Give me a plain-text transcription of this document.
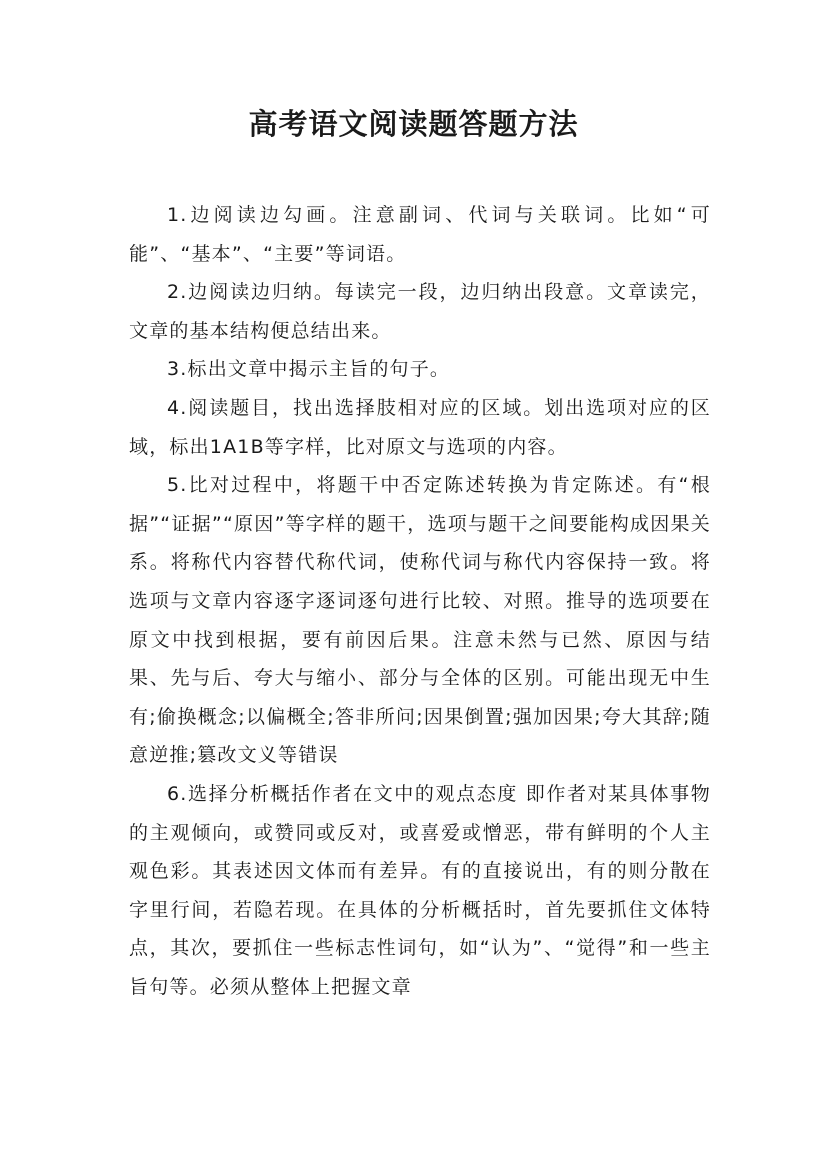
高考语文阅读题答题方法

1.边阅读边勾画。注意副词、代词与关联词。比如“可能”、“基本”、“主要”等词语。

2.边阅读边归纳。每读完一段，边归纳出段意。文章读完，文章的基本结构便总结出来。

3.标出文章中揭示主旨的句子。

4.阅读题目，找出选择肢相对应的区域。划出选项对应的区域，标出1A1B等字样，比对原文与选项的内容。

5.比对过程中，将题干中否定陈述转换为肯定陈述。有“根据”“证据”“原因”等字样的题干，选项与题干之间要能构成因果关系。将称代内容替代称代词，使称代词与称代内容保持一致。将选项与文章内容逐字逐词逐句进行比较、对照。推导的选项要在原文中找到根据，要有前因后果。注意未然与已然、原因与结果、先与后、夸大与缩小、部分与全体的区别。可能出现无中生有;偷换概念;以偏概全;答非所问;因果倒置;强加因果;夸大其辞;随意逆推;篡改文义等错误

6.选择分析概括作者在文中的观点态度 即作者对某具体事物的主观倾向，或赞同或反对，或喜爱或憎恶，带有鲜明的个人主观色彩。其表述因文体而有差异。有的直接说出，有的则分散在字里行间，若隐若现。在具体的分析概括时，首先要抓住文体特点，其次，要抓住一些标志性词句，如“认为”、“觉得”和一些主旨句等。必须从整体上把握文章
